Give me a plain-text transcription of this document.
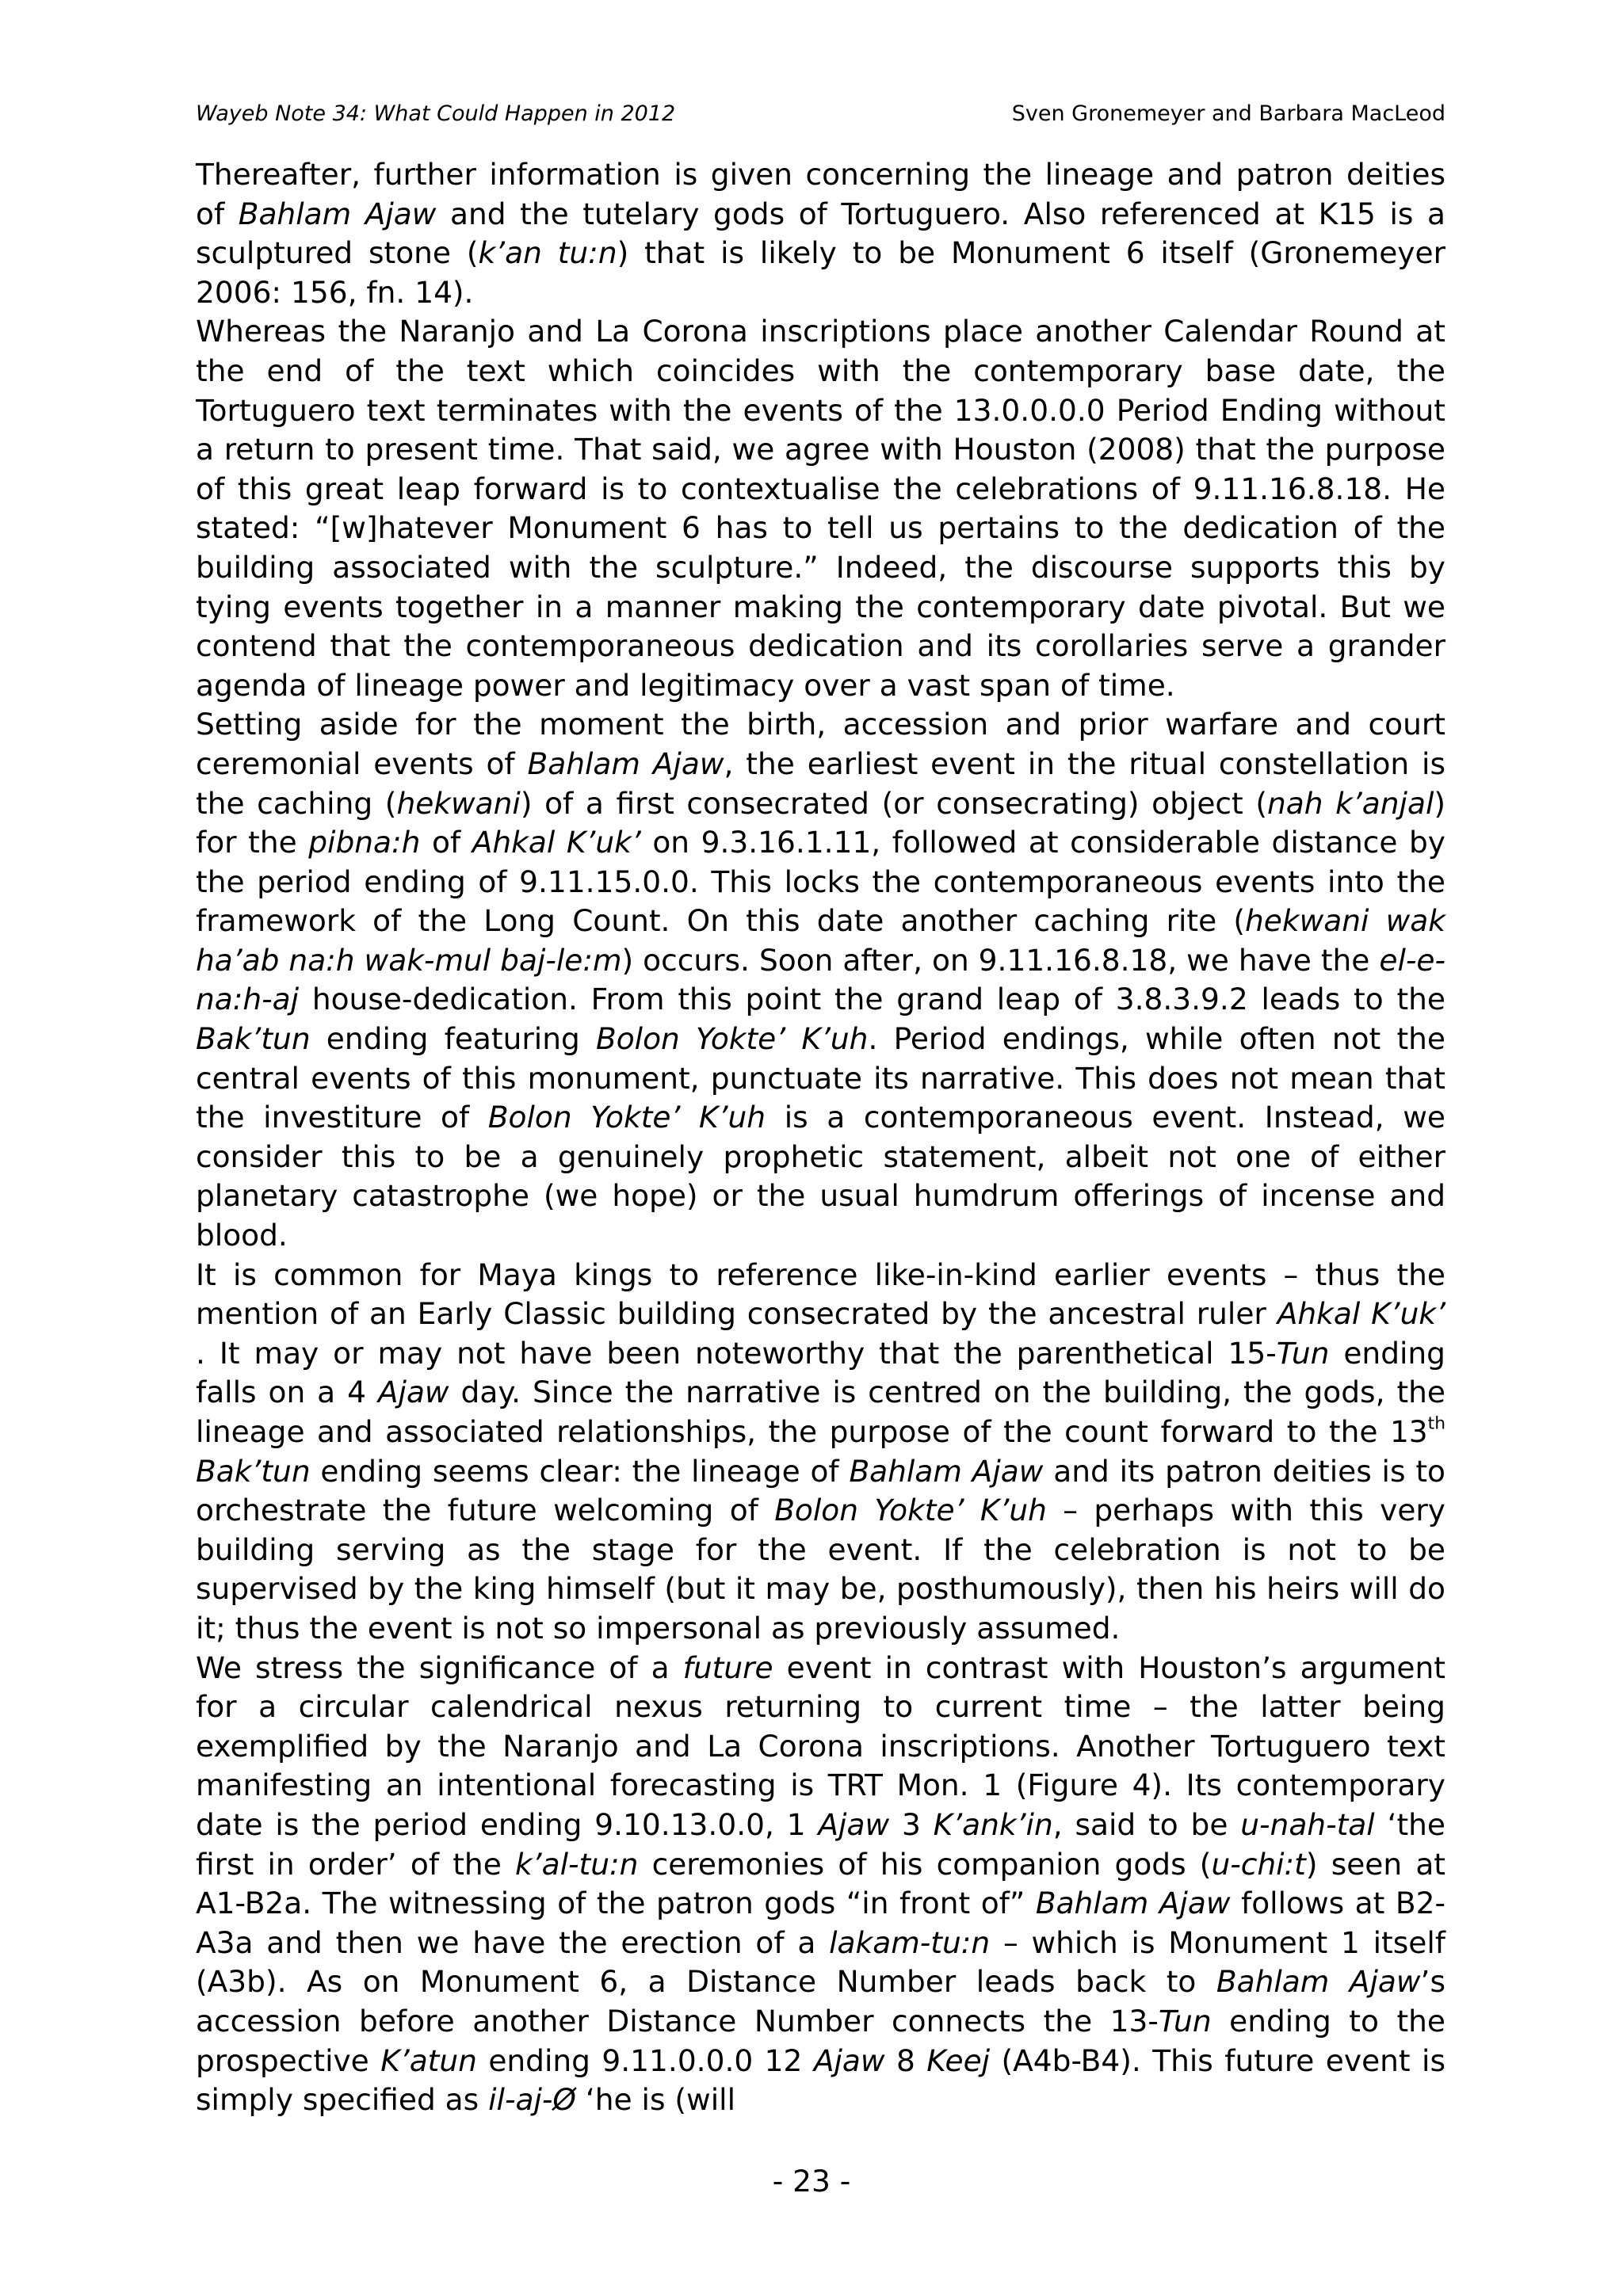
Wayeb Note 34: What Could Happen in 2012	Sven Gronemeyer and Barbara MacLeod

Thereafter, further information is given concerning the lineage and patron deities of Bahlam Ajaw and the tutelary gods of Tortuguero. Also referenced at K15 is a sculptured stone (k’an tu:n) that is likely to be Monument 6 itself (Gronemeyer 2006: 156, fn. 14).

Whereas the Naranjo and La Corona inscriptions place another Calendar Round at the end of the text which coincides with the contemporary base date, the Tortuguero text terminates with the events of the 13.0.0.0.0 Period Ending without a return to present time. That said, we agree with Houston (2008) that the purpose of this great leap forward is to contextualise the celebrations of 9.11.16.8.18. He stated: “[w]hatever Monument 6 has to tell us pertains to the dedication of the building associated with the sculpture.” Indeed, the discourse supports this by tying events together in a manner making the contemporary date pivotal. But we contend that the contemporaneous dedication and its corollaries serve a grander agenda of lineage power and legitimacy over a vast span of time.

Setting aside for the moment the birth, accession and prior warfare and court ceremonial events of Bahlam Ajaw, the earliest event in the ritual constellation is the caching (hekwani) of a first consecrated (or consecrating) object (nah k’anjal) for the pibna:h of Ahkal K’uk’ on 9.3.16.1.11, followed at considerable distance by the period ending of 9.11.15.0.0. This locks the contemporaneous events into the framework of the Long Count. On this date another caching rite (hekwani wak ha’ab na:h wak-mul baj-le:m) occurs. Soon after, on 9.11.16.8.18, we have the el-e-na:h-aj house-dedication. From this point the grand leap of 3.8.3.9.2 leads to the Bak’tun ending featuring Bolon Yokte’ K’uh. Period endings, while often not the central events of this monument, punctuate its narrative. This does not mean that the investiture of Bolon Yokte’ K’uh is a contemporaneous event. Instead, we consider this to be a genuinely prophetic statement, albeit not one of either planetary catastrophe (we hope) or the usual humdrum offerings of incense and blood.

It is common for Maya kings to reference like-in-kind earlier events – thus the mention of an Early Classic building consecrated by the ancestral ruler Ahkal K’uk’ . It may or may not have been noteworthy that the parenthetical 15-Tun ending falls on a 4 Ajaw day. Since the narrative is centred on the building, the gods, the lineage and associated relationships, the purpose of the count forward to the 13th Bak’tun ending seems clear: the lineage of Bahlam Ajaw and its patron deities is to orchestrate the future welcoming of Bolon Yokte’ K’uh – perhaps with this very building serving as the stage for the event. If the celebration is not to be supervised by the king himself (but it may be, posthumously), then his heirs will do it; thus the event is not so impersonal as previously assumed.

We stress the significance of a future event in contrast with Houston’s argument for a circular calendrical nexus returning to current time – the latter being exemplified by the Naranjo and La Corona inscriptions. Another Tortuguero text manifesting an intentional forecasting is TRT Mon. 1 (Figure 4). Its contemporary date is the period ending 9.10.13.0.0, 1 Ajaw 3 K’ank’in, said to be u-nah-tal ‘the first in order’ of the k’al-tu:n ceremonies of his companion gods (u-chi:t) seen at A1-B2a. The witnessing of the patron gods “in front of” Bahlam Ajaw follows at B2-A3a and then we have the erection of a lakam-tu:n – which is Monument 1 itself (A3b). As on Monument 6, a Distance Number leads back to Bahlam Ajaw’s accession before another Distance Number connects the 13-Tun ending to the prospective K’atun ending 9.11.0.0.0 12 Ajaw 8 Keej (A4b-B4). This future event is simply specified as il-aj-Ø ‘he is (will

- 23 -
